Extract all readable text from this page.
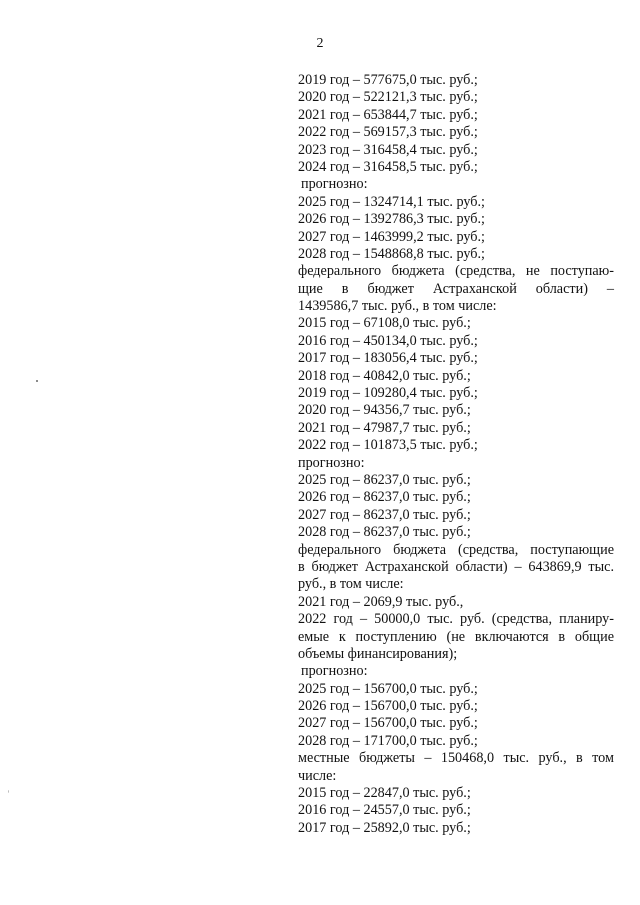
2
2019 год – 577675,0 тыс. руб.;
2020 год – 522121,3 тыс. руб.;
2021 год – 653844,7 тыс. руб.;
2022 год – 569157,3 тыс. руб.;
2023 год – 316458,4 тыс. руб.;
2024 год – 316458,5 тыс. руб.;
прогнозно:
2025 год – 1324714,1 тыс. руб.;
2026 год – 1392786,3 тыс. руб.;
2027 год – 1463999,2 тыс. руб.;
2028 год – 1548868,8 тыс. руб.;
федерального бюджета (средства, не поступаю-
щие в бюджет Астраханской области) –
1439586,7 тыс. руб., в том числе:
2015 год – 67108,0 тыс. руб.;
2016 год – 450134,0 тыс. руб.;
2017 год – 183056,4 тыс. руб.;
2018 год – 40842,0 тыс. руб.;
2019 год – 109280,4 тыс. руб.;
2020 год – 94356,7 тыс. руб.;
2021 год – 47987,7 тыс. руб.;
2022 год – 101873,5 тыс. руб.;
прогнозно:
2025 год – 86237,0 тыс. руб.;
2026 год – 86237,0 тыс. руб.;
2027 год – 86237,0 тыс. руб.;
2028 год – 86237,0 тыс. руб.;
федерального бюджета (средства, поступающие
в бюджет Астраханской области) – 643869,9 тыс.
руб., в том числе:
2021 год – 2069,9 тыс. руб.,
2022 год – 50000,0 тыс. руб. (средства, планиру-
емые к поступлению (не включаются в общие
объемы финансирования);
прогнозно:
2025 год – 156700,0 тыс. руб.;
2026 год – 156700,0 тыс. руб.;
2027 год – 156700,0 тыс. руб.;
2028 год – 171700,0 тыс. руб.;
местные бюджеты – 150468,0 тыс. руб., в том
числе:
2015 год – 22847,0 тыс. руб.;
2016 год – 24557,0 тыс. руб.;
2017 год – 25892,0 тыс. руб.;
